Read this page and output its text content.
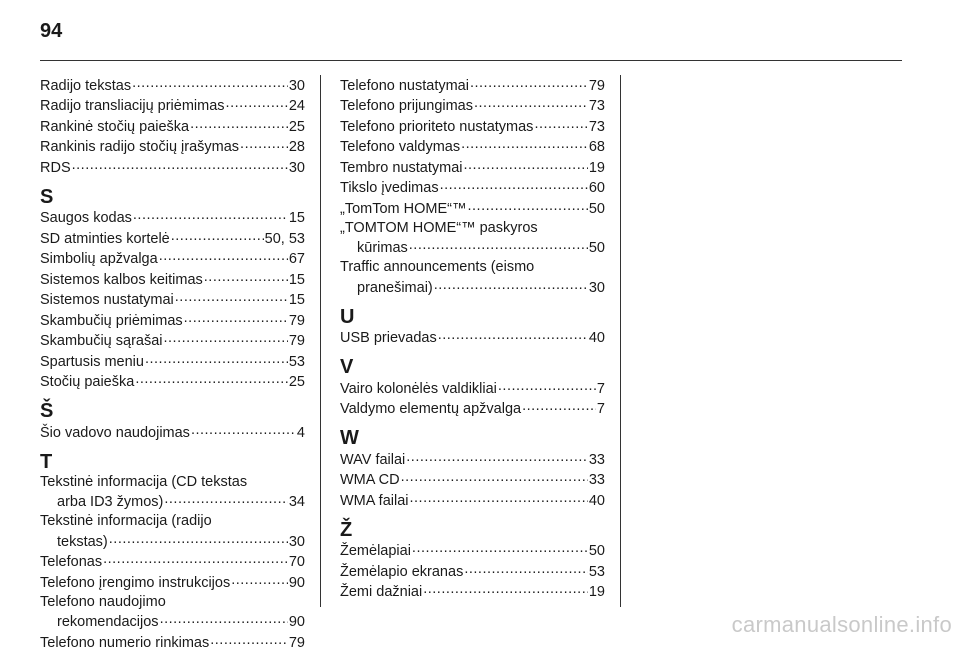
94
Radijo tekstas .....	30
Radijo transliacijų priėmimas .....	24
Rankinė stočių paieška .....	25
Rankinis radijo stočių įrašymas .....	28
RDS .....	30
S
Saugos kodas .....	15
SD atminties kortelė .....	50, 53
Simbolių apžvalga .....	67
Sistemos kalbos keitimas .....	15
Sistemos nustatymai .....	15
Skambučių priėmimas .....	79
Skambučių sąrašai .....	79
Spartusis meniu .....	53
Stočių paieška .....	25
Š
Šio vadovo naudojimas .....	4
T
Tekstinė informacija (CD tekstas
arba ID3 žymos) .....	34
Tekstinė informacija (radijo
tekstas) .....	30
Telefonas .....	70
Telefono įrengimo instrukcijos .....	90
Telefono naudojimo
rekomendacijos .....	90
Telefono numerio rinkimas .....	79
Telefono nustatymai .....	79
Telefono prijungimas .....	73
Telefono prioriteto nustatymas .....	73
Telefono valdymas .....	68
Tembro nustatymai .....	19
Tikslo įvedimas .....	60
„TomTom HOME“™ .....	50
„TOMTOM HOME“™ paskyros
kūrimas .....	50
Traffic announcements (eismo
pranešimai) .....	30
U
USB prievadas .....	40
V
Vairo kolonėlės valdikliai .....	7
Valdymo elementų apžvalga .....	7
W
WAV failai .....	33
WMA CD .....	33
WMA failai .....	40
Ž
Žemėlapiai .....	50
Žemėlapio ekranas .....	53
Žemi dažniai .....	19
carmanualsonline.info
